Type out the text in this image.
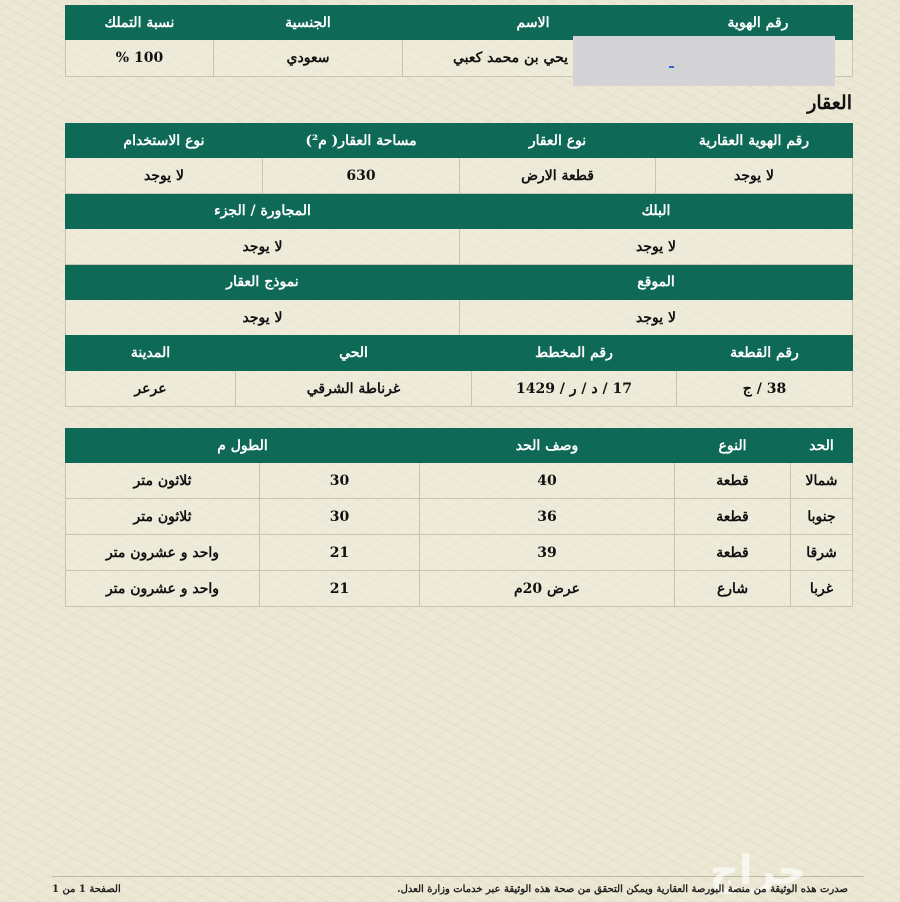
رقم الهوية	الاسم	الجنسية	نسبة التملك
	يحي بن محمد كعبي	سعودي	100 %
العقار
رقم الهوية العقارية	نوع العقار	مساحة العقار( م²)	نوع الاستخدام
لا يوجد	قطعة الارض	630	لا يوجد
البلك		المجاورة / الجزء	
لا يوجد		لا يوجد	
الموقع		نموذج العقار	
لا يوجد		لا يوجد	
رقم القطعة	رقم المخطط	الحي	المدينة
38 / ج	17 / د / ر / 1429	غرناطة الشرقي	عرعر
الحد	النوع	وصف الحد	الطول م	
شمالا	قطعة	40	30	ثلاثون متر
جنوبا	قطعة	36	30	ثلاثون متر
شرقا	قطعة	39	21	واحد و عشرون متر
غربا	شارع	عرض 20م	21	واحد و عشرون متر
حراج
صدرت هذه الوثيقة من منصة البورصة العقارية ويمكن التحقق من صحة هذه الوثيقة عبر خدمات وزارة العدل.
الصفحة 1 من 1
